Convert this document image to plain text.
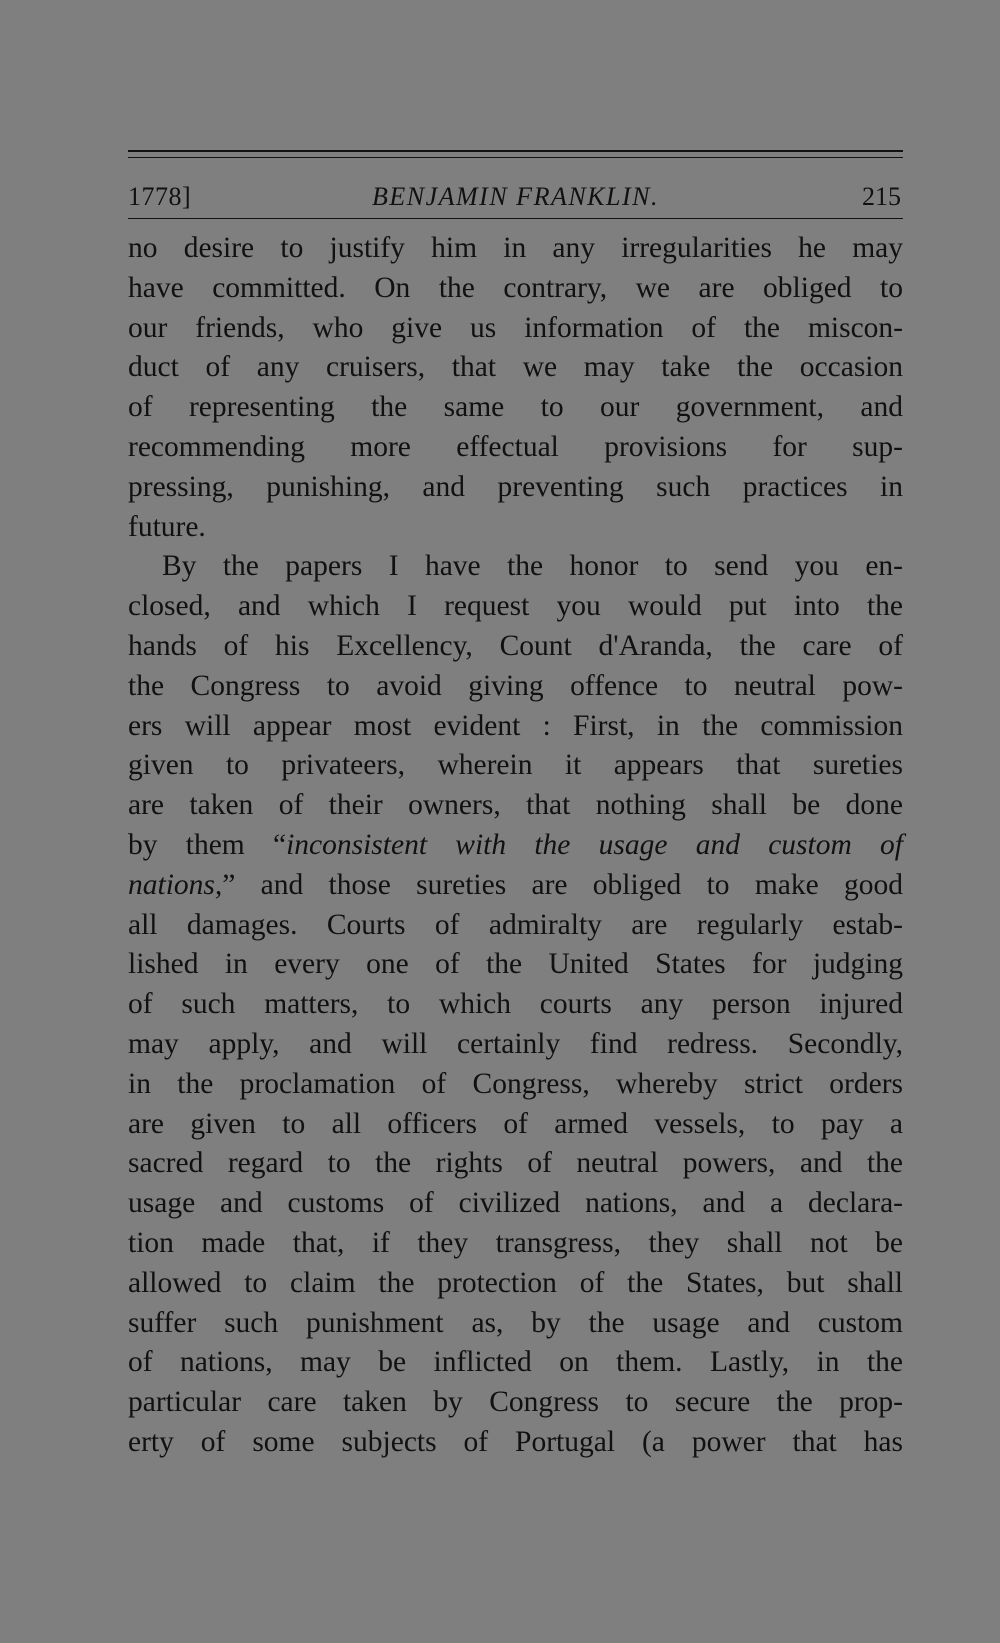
1778]	BENJAMIN FRANKLIN.	215
no desire to justify him in any irregularities he may
have committed. On the contrary, we are obliged to
our friends, who give us information of the miscon-
duct of any cruisers, that we may take the occasion
of representing the same to our government, and
recommending more effectual provisions for sup-
pressing, punishing, and preventing such practices in
future.
By the papers I have the honor to send you en-
closed, and which I request you would put into the
hands of his Excellency, Count d'Aranda, the care of
the Congress to avoid giving offence to neutral pow-
ers will appear most evident : First, in the commission
given to privateers, wherein it appears that sureties
are taken of their owners, that nothing shall be done
by them “inconsistent with the usage and custom of
nations,” and those sureties are obliged to make good
all damages. Courts of admiralty are regularly estab-
lished in every one of the United States for judging
of such matters, to which courts any person injured
may apply, and will certainly find redress. Secondly,
in the proclamation of Congress, whereby strict orders
are given to all officers of armed vessels, to pay a
sacred regard to the rights of neutral powers, and the
usage and customs of civilized nations, and a declara-
tion made that, if they transgress, they shall not be
allowed to claim the protection of the States, but shall
suffer such punishment as, by the usage and custom
of nations, may be inflicted on them. Lastly, in the
particular care taken by Congress to secure the prop-
erty of some subjects of Portugal (a power that has
